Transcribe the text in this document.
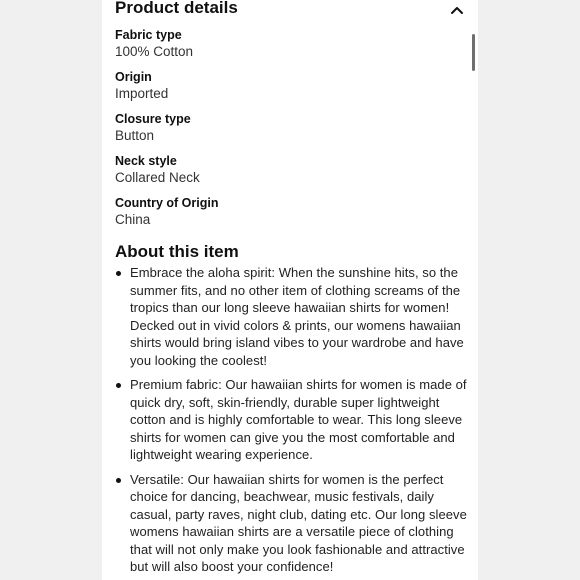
Product details
Fabric type
100% Cotton
Origin
Imported
Closure type
Button
Neck style
Collared Neck
Country of Origin
China
About this item
Embrace the aloha spirit: When the sunshine hits, so the summer fits, and no other item of clothing screams of the tropics than our long sleeve hawaiian shirts for women! Decked out in vivid colors & prints, our womens hawaiian shirts would bring island vibes to your wardrobe and have you looking the coolest!
Premium fabric: Our hawaiian shirts for women is made of quick dry, soft, skin-friendly, durable super lightweight cotton and is highly comfortable to wear. This long sleeve shirts for women can give you the most comfortable and lightweight wearing experience.
Versatile: Our hawaiian shirts for women is the perfect choice for dancing, beachwear, music festivals, daily casual, party raves, night club, dating etc. Our long sleeve womens hawaiian shirts are a versatile piece of clothing that will not only make you look fashionable and attractive but will also boost your confidence!
